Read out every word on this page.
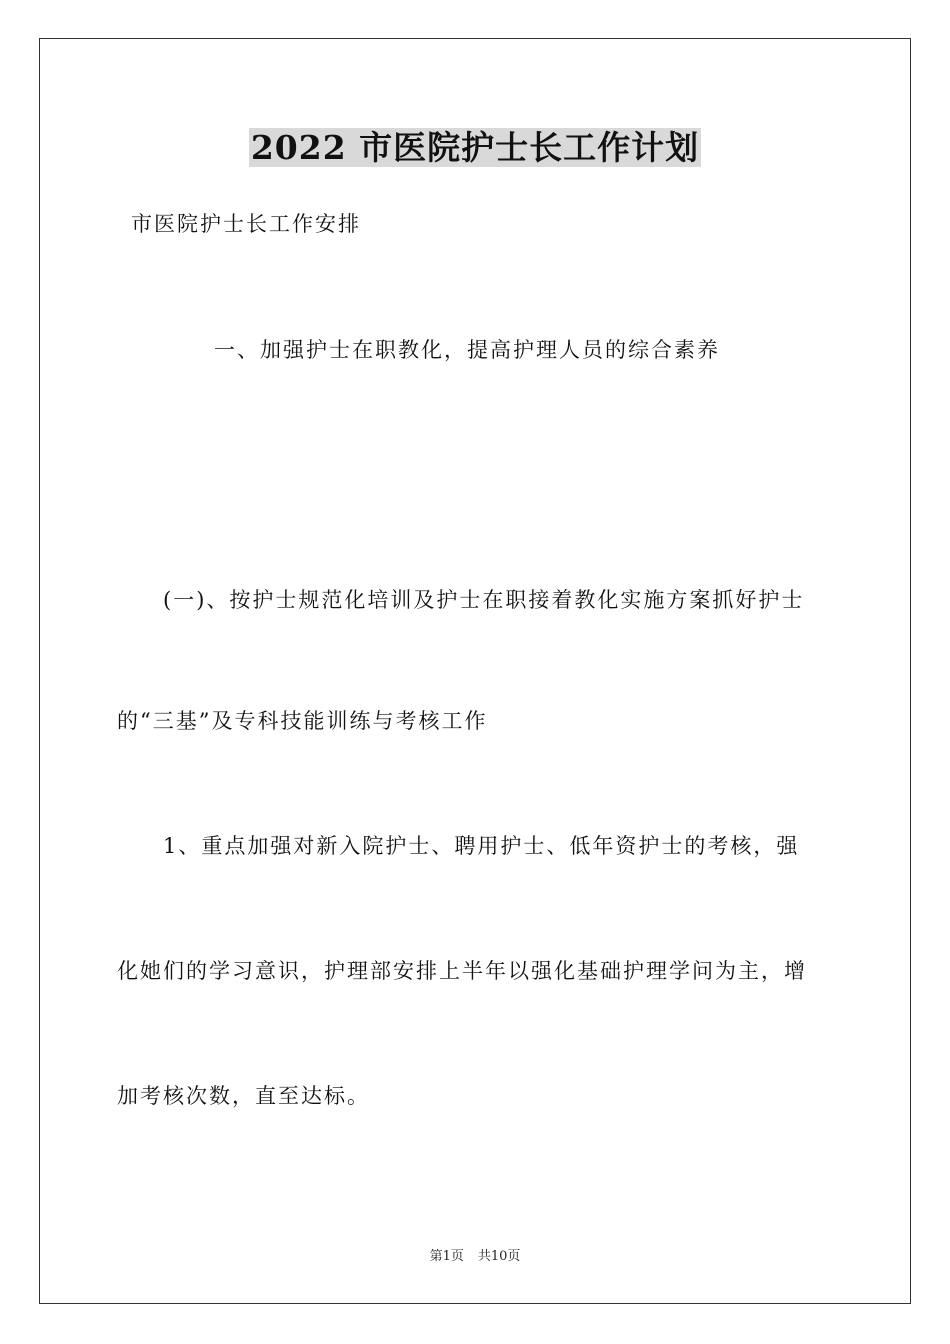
2022 市医院护士长工作计划
市医院护士长工作安排
一、加强护士在职教化，提高护理人员的综合素养
(一)、按护士规范化培训及护士在职接着教化实施方案抓好护士
的“三基”及专科技能训练与考核工作
1、重点加强对新入院护士、聘用护士、低年资护士的考核，强
化她们的学习意识，护理部安排上半年以强化基础护理学问为主，增
加考核次数，直至达标。
第1页 共10页
